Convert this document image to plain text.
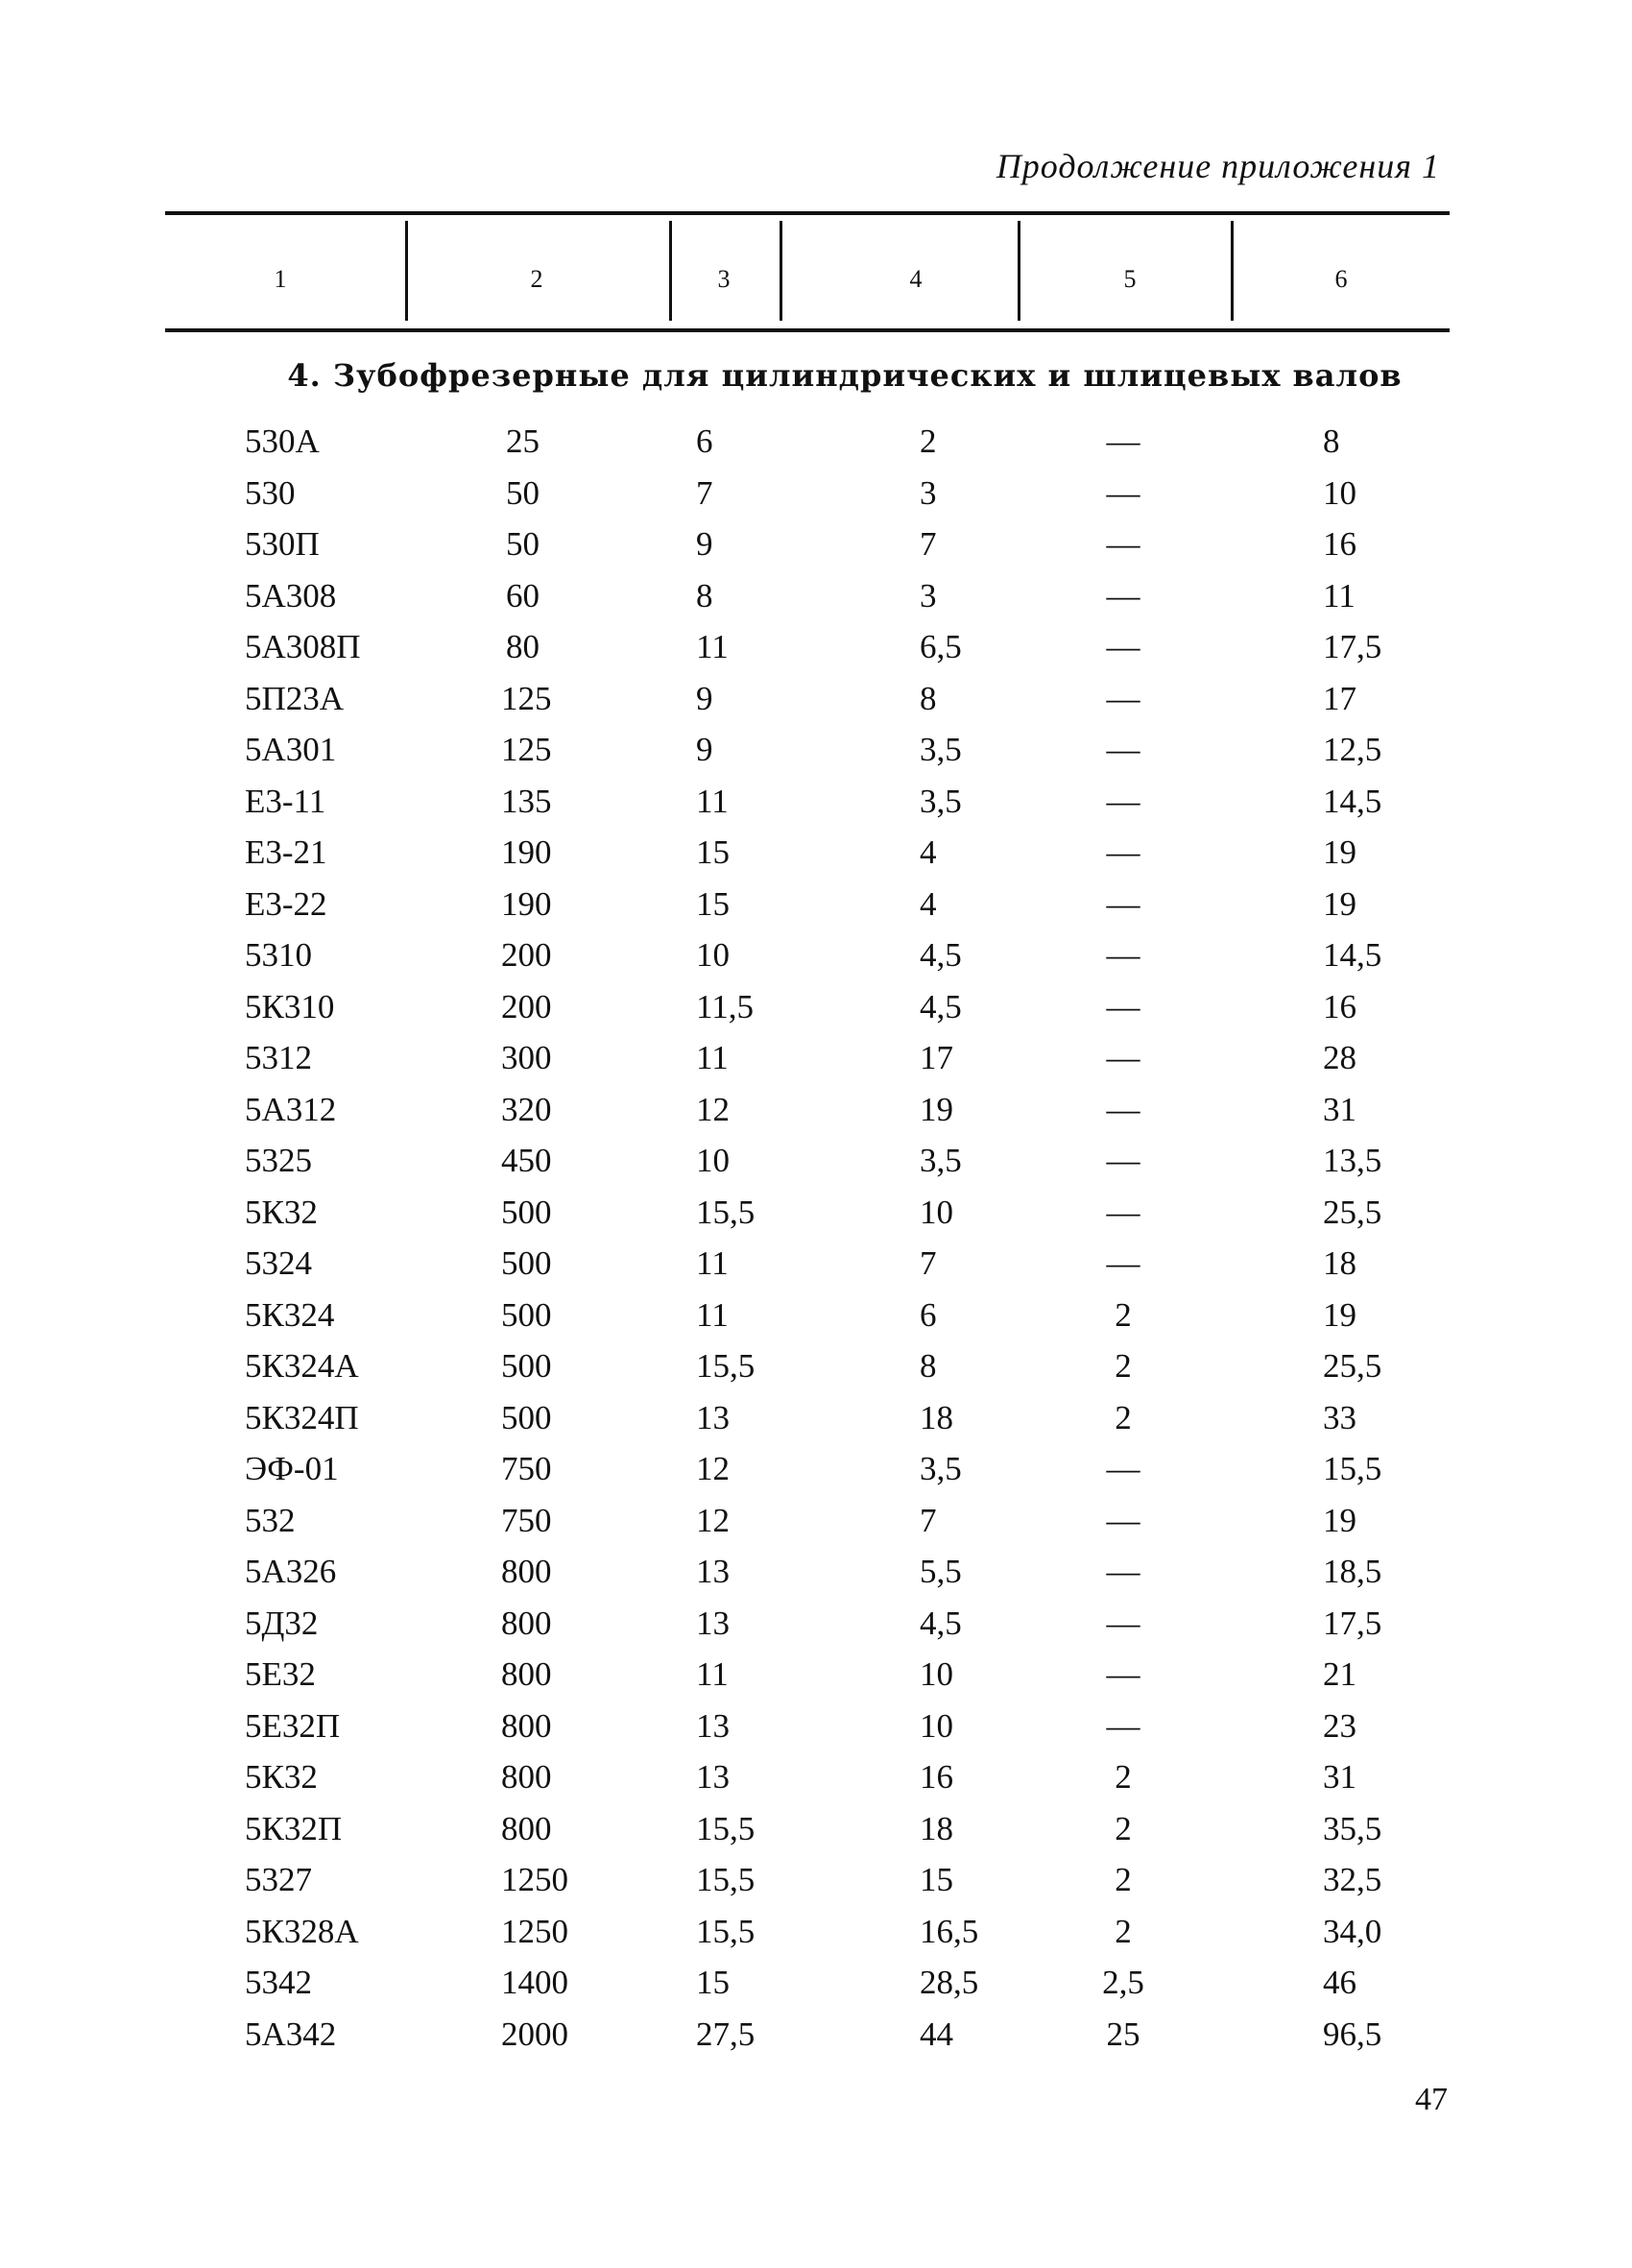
Продолжение приложения 1
1	2	3	4	5	6
4. Зубофрезерные для цилиндрических и шлицевых валов
530А	25	6	2	—	8
530	50	7	3	—	10
530П	50	9	7	—	16
5А308	60	8	3	—	11
5А308П	80	11	6,5	—	17,5
5П23А	125	9	8	—	17
5А301	125	9	3,5	—	12,5
Е3-11	135	11	3,5	—	14,5
Е3-21	190	15	4	—	19
Е3-22	190	15	4	—	19
5310	200	10	4,5	—	14,5
5К310	200	11,5	4,5	—	16
5312	300	11	17	—	28
5А312	320	12	19	—	31
5325	450	10	3,5	—	13,5
5К32	500	15,5	10	—	25,5
5324	500	11	7	—	18
5К324	500	11	6	2	19
5К324А	500	15,5	8	2	25,5
5К324П	500	13	18	2	33
ЭФ-01	750	12	3,5	—	15,5
532	750	12	7	—	19
5А326	800	13	5,5	—	18,5
5Д32	800	13	4,5	—	17,5
5Е32	800	11	10	—	21
5Е32П	800	13	10	—	23
5К32	800	13	16	2	31
5К32П	800	15,5	18	2	35,5
5327	1250	15,5	15	2	32,5
5К328А	1250	15,5	16,5	2	34,0
5342	1400	15	28,5	2,5	46
5А342	2000	27,5	44	25	96,5
47
